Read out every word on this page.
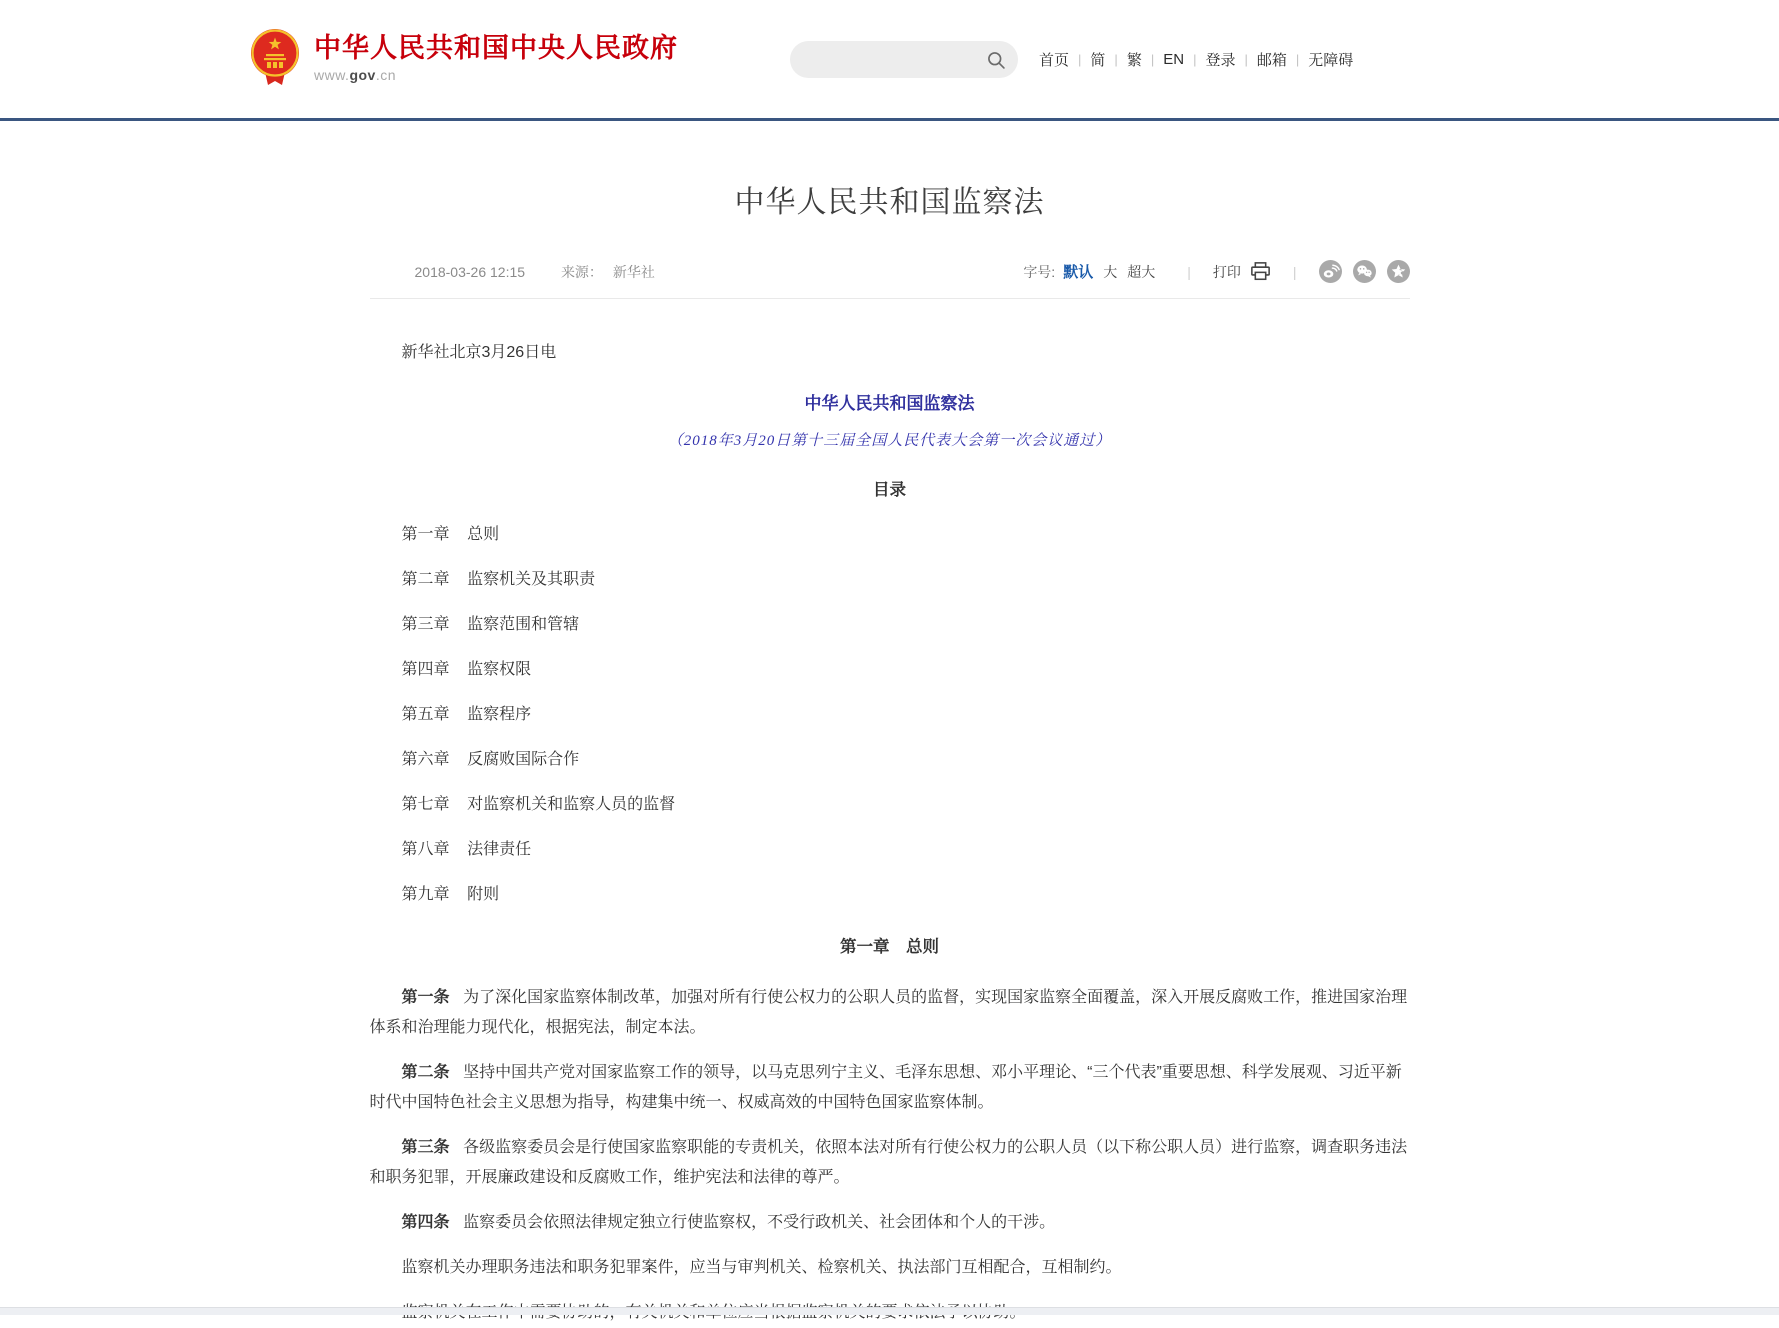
中华人民共和国中央人民政府
www.gov.cn
首页 | 简 | 繁 | EN | 登录 | 邮箱 | 无障碍
中华人民共和国监察法
2018-03-26 12:15	来源： 新华社	字号: 默认 大 超大 | 打印	|

新华社北京3月26日电

中华人民共和国监察法

（2018年3月20日第十三届全国人民代表大会第一次会议通过）

目录

第一章 总则
第二章 监察机关及其职责
第三章 监察范围和管辖
第四章 监察权限
第五章 监察程序
第六章 反腐败国际合作
第七章 对监察机关和监察人员的监督
第八章 法律责任
第九章 附则

第一章 总则

第一条 为了深化国家监察体制改革，加强对所有行使公权力的公职人员的监督，实现国家监察全面覆盖，深入开展反腐败工作，推进国家治理体系和治理能力现代化，根据宪法，制定本法。

第二条 坚持中国共产党对国家监察工作的领导，以马克思列宁主义、毛泽东思想、邓小平理论、“三个代表”重要思想、科学发展观、习近平新时代中国特色社会主义思想为指导，构建集中统一、权威高效的中国特色国家监察体制。

第三条 各级监察委员会是行使国家监察职能的专责机关，依照本法对所有行使公权力的公职人员（以下称公职人员）进行监察，调查职务违法和职务犯罪，开展廉政建设和反腐败工作，维护宪法和法律的尊严。

第四条 监察委员会依照法律规定独立行使监察权，不受行政机关、社会团体和个人的干涉。

监察机关办理职务违法和职务犯罪案件，应当与审判机关、检察机关、执法部门互相配合，互相制约。
